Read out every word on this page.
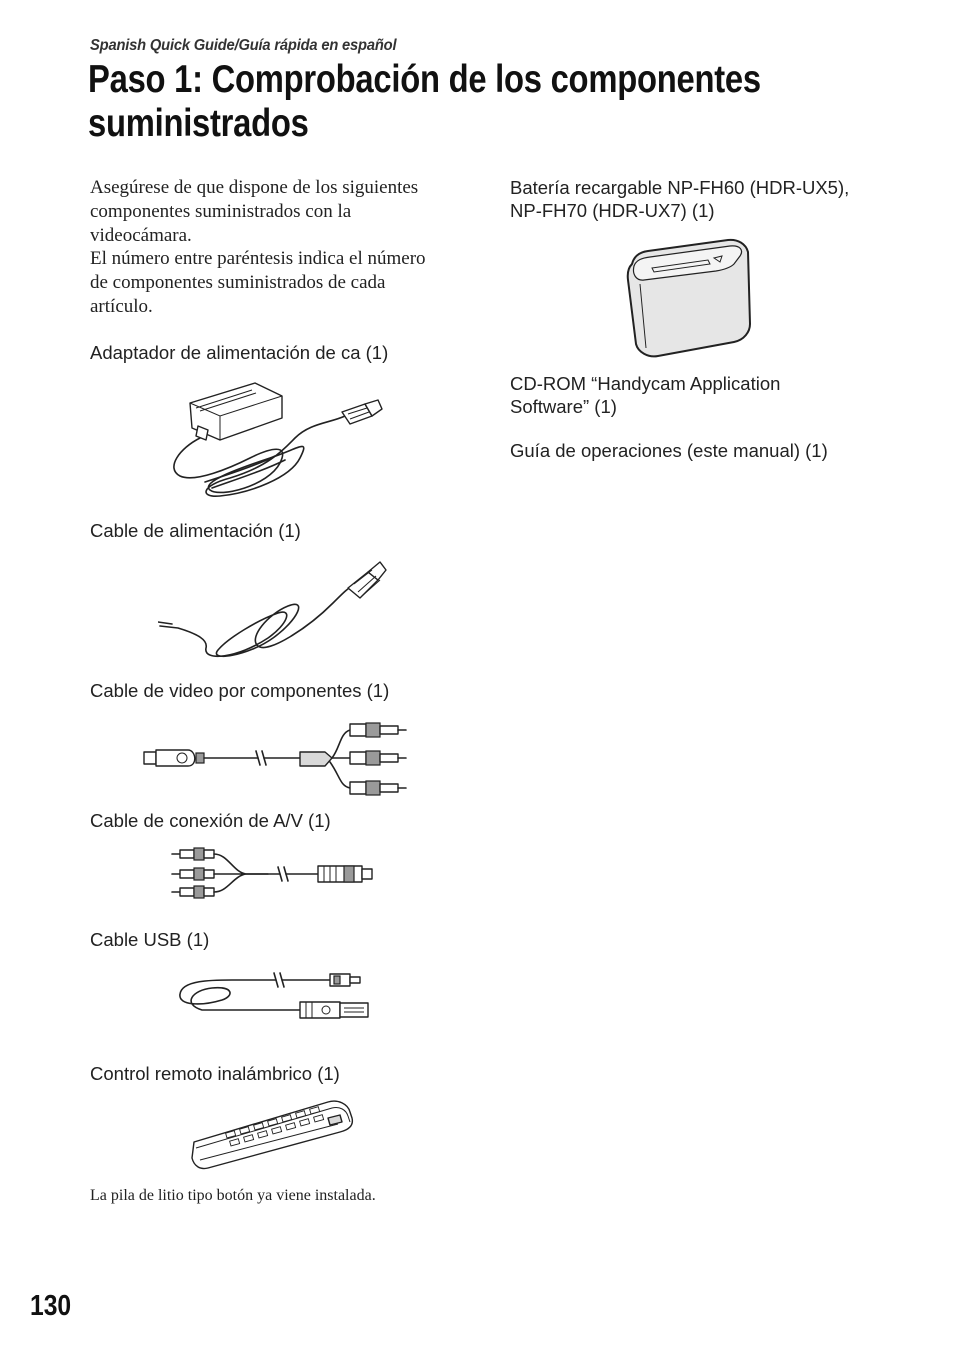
Spanish Quick Guide/Guía rápida en español
Paso 1: Comprobación de los componentes
suministrados
Asegúrese de que dispone de los siguientes
componentes suministrados con la
videocámara.
El número entre paréntesis indica el número
de componentes suministrados de cada
artículo.
Adaptador de alimentación de ca (1)
Cable de alimentación (1)
Cable de video por componentes (1)
Cable de conexión de A/V (1)
Cable USB (1)
Control remoto inalámbrico (1)
La pila de litio tipo botón ya viene instalada.
Batería recargable NP-FH60 (HDR-UX5),
NP-FH70 (HDR-UX7) (1)
CD-ROM “Handycam Application
Software” (1)
Guía de operaciones (este manual) (1)
130
